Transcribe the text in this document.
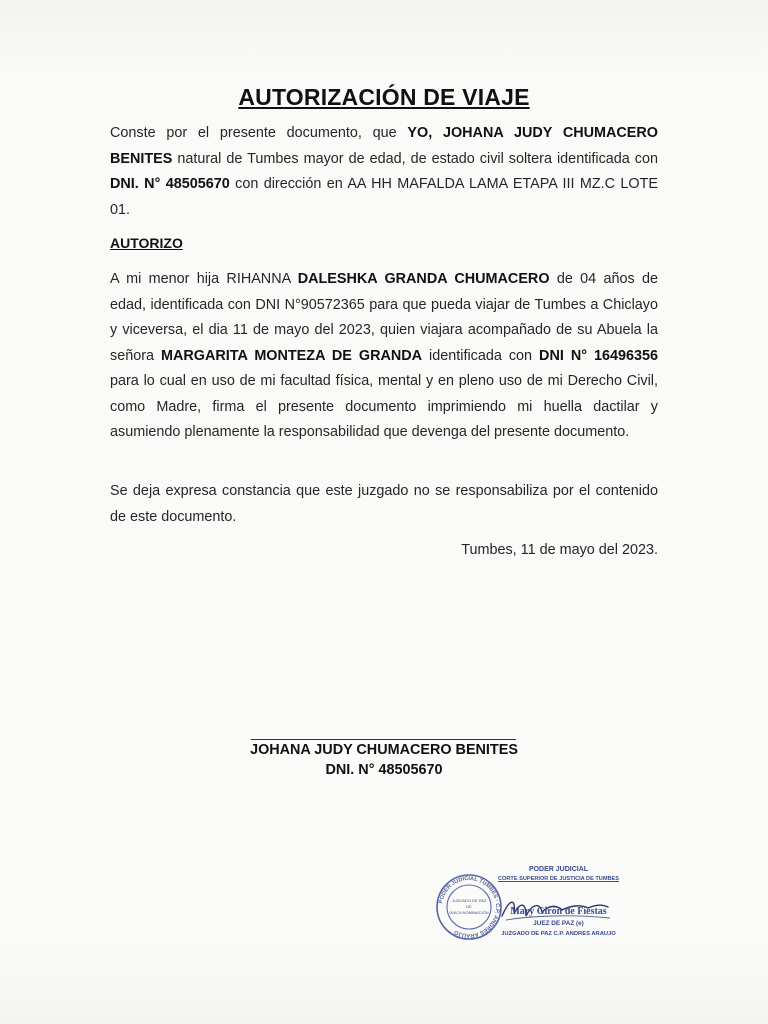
AUTORIZACIÓN DE VIAJE
Conste por el presente documento, que YO, JOHANA JUDY CHUMACERO BENITES natural de Tumbes mayor de edad, de estado civil soltera identificada con DNI. N° 48505670 con dirección en AA HH MAFALDA LAMA ETAPA III MZ.C LOTE 01.
AUTORIZO
A mi menor hija RIHANNA DALESHKA GRANDA CHUMACERO de 04 años de edad, identificada con DNI N°90572365 para que pueda viajar de Tumbes a Chiclayo y viceversa, el dia 11 de mayo del 2023, quien viajara acompañado de su Abuela la señora MARGARITA MONTEZA DE GRANDA identificada con DNI N° 16496356 para lo cual en uso de mi facultad física, mental y en pleno uso de mi Derecho Civil, como Madre, firma el presente documento imprimiendo mi huella dactilar y asumiendo plenamente la responsabilidad que devenga del presente documento.
Se deja expresa constancia que este juzgado no se responsabiliza por el contenido de este documento.
Tumbes, 11 de mayo del 2023.
JOHANA JUDY CHUMACERO BENITES
DNI. N° 48505670
PODER JUDICIAL TUMBES · C.P. ANDRES ARAUJO
JUZGADO DE PAZ
DE
ÚNICA NOMINACIÓN
PODER JUDICIAL
CORTE SUPERIOR DE JUSTICIA DE TUMBES
Mary Girón de Fiestas
JUEZ DE PAZ (e)
JUZGADO DE PAZ C.P. ANDRES ARAUJO
